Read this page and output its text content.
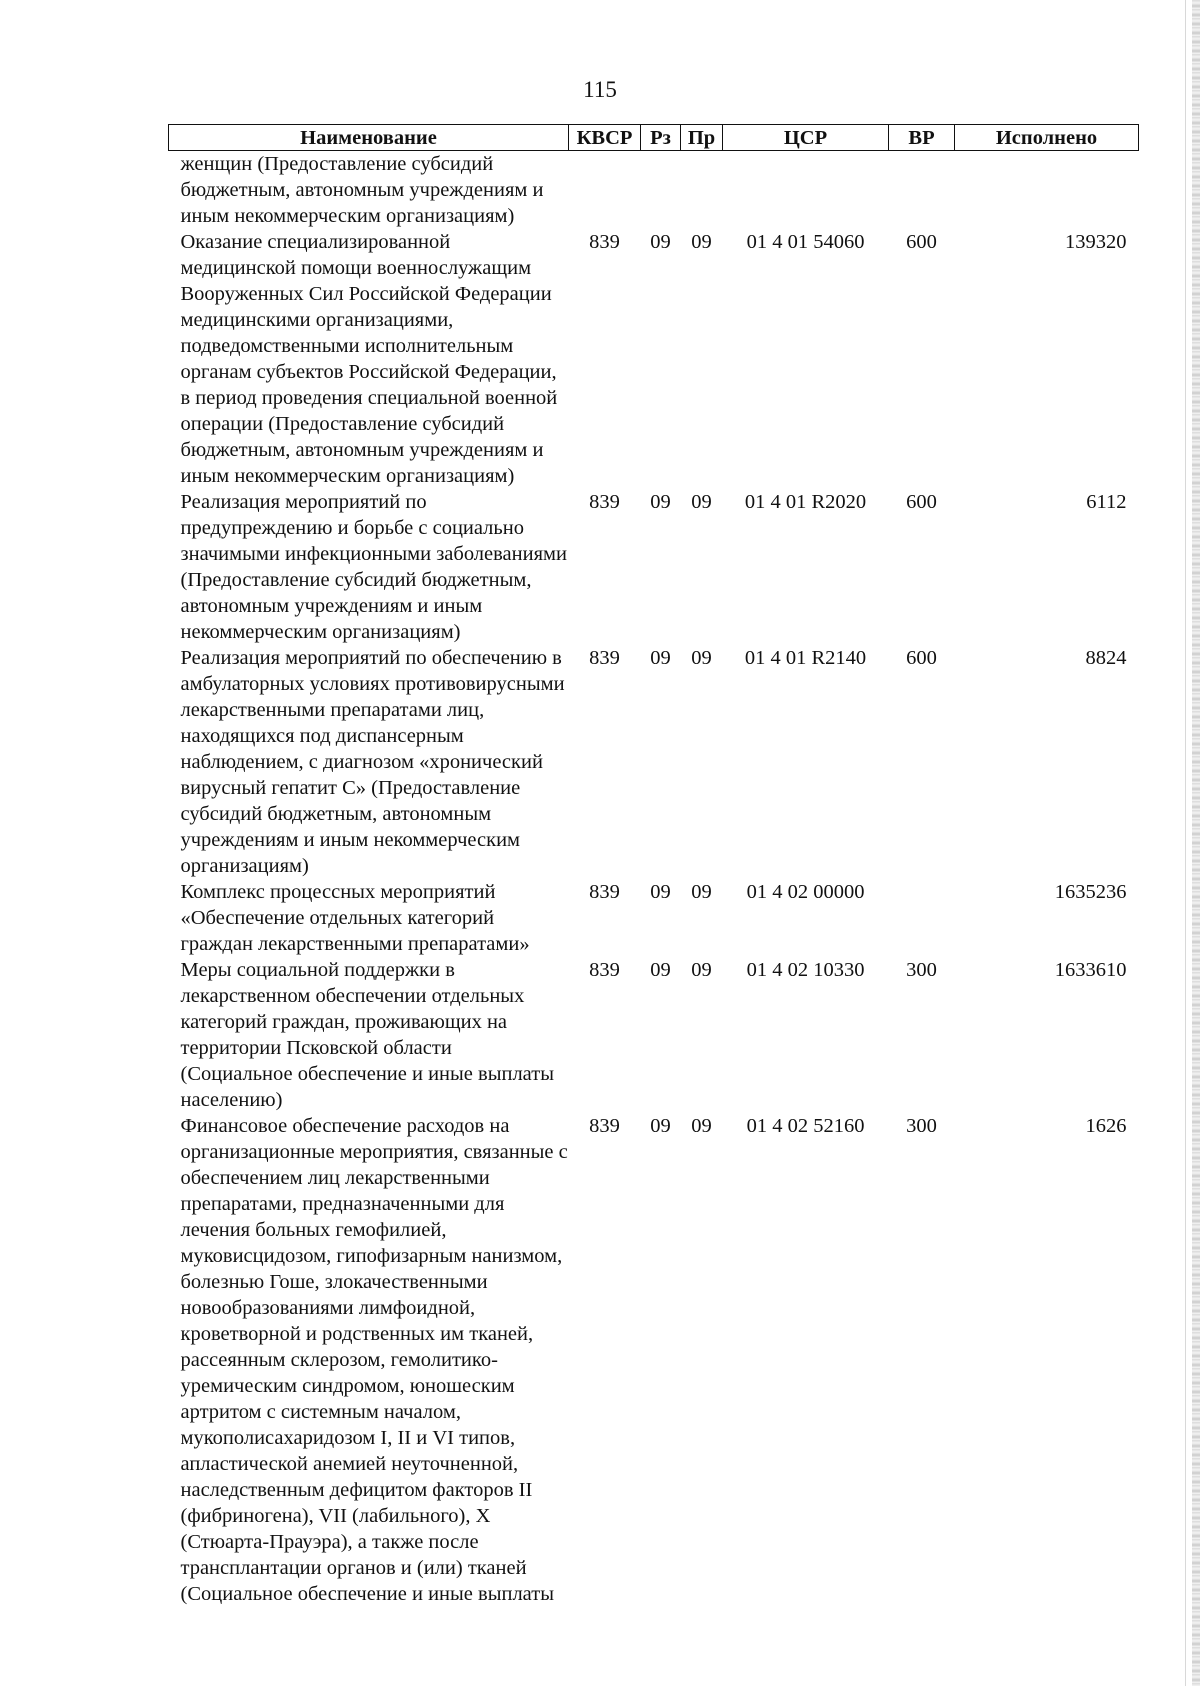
115
Наименование	КВСР	Рз	Пр	ЦСР	ВР	Исполнено
женщин (Предоставление субсидий бюджетным, автономным учреждениям и иным некоммерческим организациям)						
Оказание специализированной медицинской помощи военнослужащим Вооруженных Сил Российской Федерации медицинскими организациями, подведомственными исполнительным органам субъектов Российской Федерации, в период проведения специальной военной операции (Предоставление субсидий бюджетным, автономным учреждениям и иным некоммерческим организациям)	839	09	09	01 4 01 54060	600	139320
Реализация мероприятий по предупреждению и борьбе с социально значимыми инфекционными заболеваниями (Предоставление субсидий бюджетным, автономным учреждениям и иным некоммерческим организациям)	839	09	09	01 4 01 R2020	600	6112
Реализация мероприятий по обеспечению в амбулаторных условиях противовирусными лекарственными препаратами лиц, находящихся под диспансерным наблюдением, с диагнозом «хронический вирусный гепатит С» (Предоставление субсидий бюджетным, автономным учреждениям и иным некоммерческим организациям)	839	09	09	01 4 01 R2140	600	8824
Комплекс процессных мероприятий «Обеспечение отдельных категорий граждан лекарственными препаратами»	839	09	09	01 4 02 00000		1635236
Меры социальной поддержки в лекарственном обеспечении отдельных категорий граждан, проживающих на территории Псковской области (Социальное обеспечение и иные выплаты населению)	839	09	09	01 4 02 10330	300	1633610
Финансовое обеспечение расходов на организационные мероприятия, связанные с обеспечением лиц лекарственными препаратами, предназначенными для лечения больных гемофилией, муковисцидозом, гипофизарным нанизмом, болезнью Гоше, злокачественными новообразованиями лимфоидной, кроветворной и родственных им тканей, рассеянным склерозом, гемолитико-уремическим синдромом, юношеским артритом с системным началом, мукополисахаридозом I, II и VI типов, апластической анемией неуточненной, наследственным дефицитом факторов II (фибриногена), VII (лабильного), X (Стюарта-Прауэра), а также после трансплантации органов и (или) тканей (Социальное обеспечение и иные выплаты	839	09	09	01 4 02 52160	300	1626
